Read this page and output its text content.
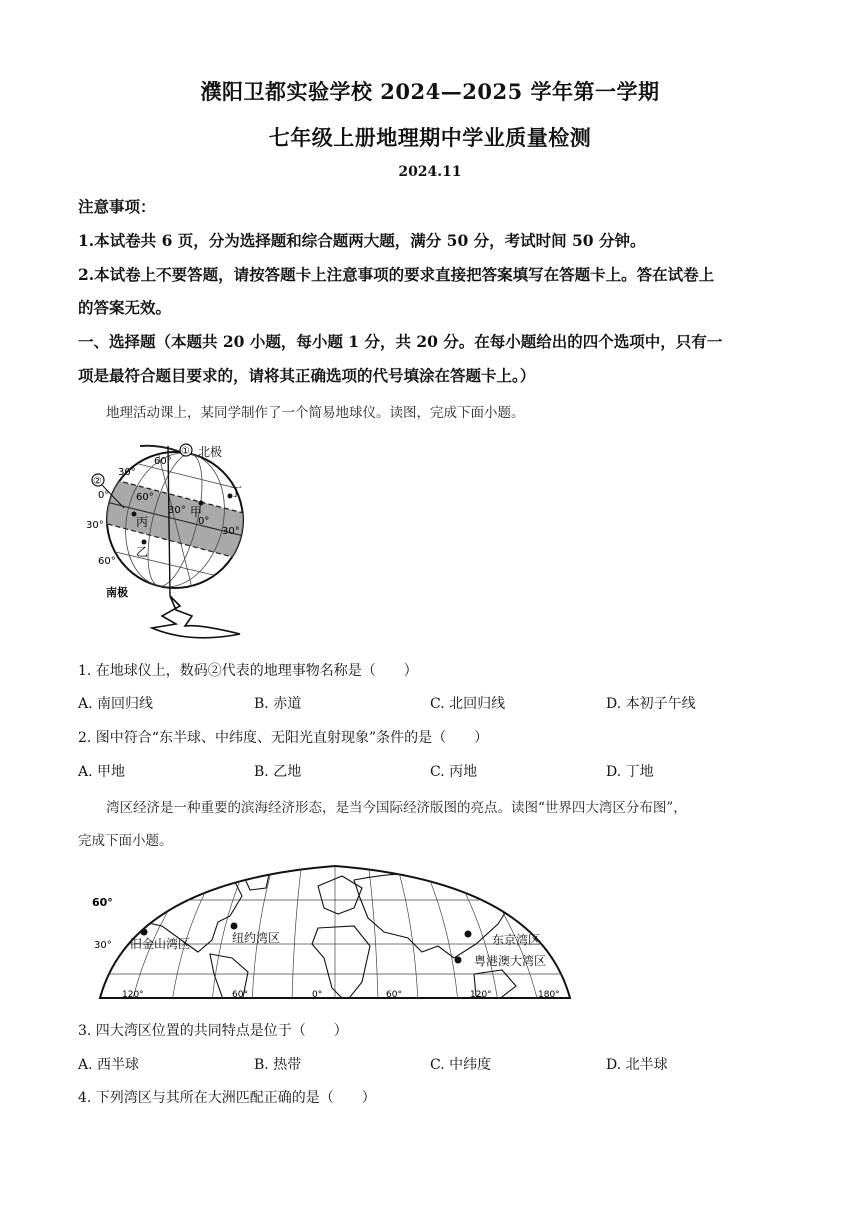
濮阳卫都实验学校 2024—2025 学年第一学期
七年级上册地理期中学业质量检测
2024.11
注意事项：
1.本试卷共 6 页，分为选择题和综合题两大题，满分 50 分，考试时间 50 分钟。
2.本试卷上不要答题，请按答题卡上注意事项的要求直接把答案填写在答题卡上。答在试卷上
的答案无效。
一、选择题（本题共 20 小题，每小题 1 分，共 20 分。在每小题给出的四个选项中，只有一
项是最符合题目要求的，请将其正确选项的代号填涂在答题卡上。）
地理活动课上，某同学制作了一个简易地球仪。读图，完成下面小题。
① 北极
②
60°
30°
0°
30°
60°
60°
30°
0°
30°
甲
丁
丙
乙
南极
1. 在地球仪上，数码②代表的地理事物名称是（　　）
A. 南回归线	B. 赤道	C. 北回归线	D. 本初子午线
2. 图中符合“东半球、中纬度、无阳光直射现象”条件的是（　　）
A. 甲地	B. 乙地	C. 丙地	D. 丁地
湾区经济是一种重要的滨海经济形态，是当今国际经济版图的亮点。读图“世界四大湾区分布图”，
完成下面小题。
60°
30° 旧金山湾区	纽约湾区	东京湾区
粤港澳大湾区
120°	60°	0°	60°	120°	180°
3. 四大湾区位置的共同特点是位于（　　）
A. 西半球	B. 热带	C. 中纬度	D. 北半球
4. 下列湾区与其所在大洲匹配正确的是（　　）
